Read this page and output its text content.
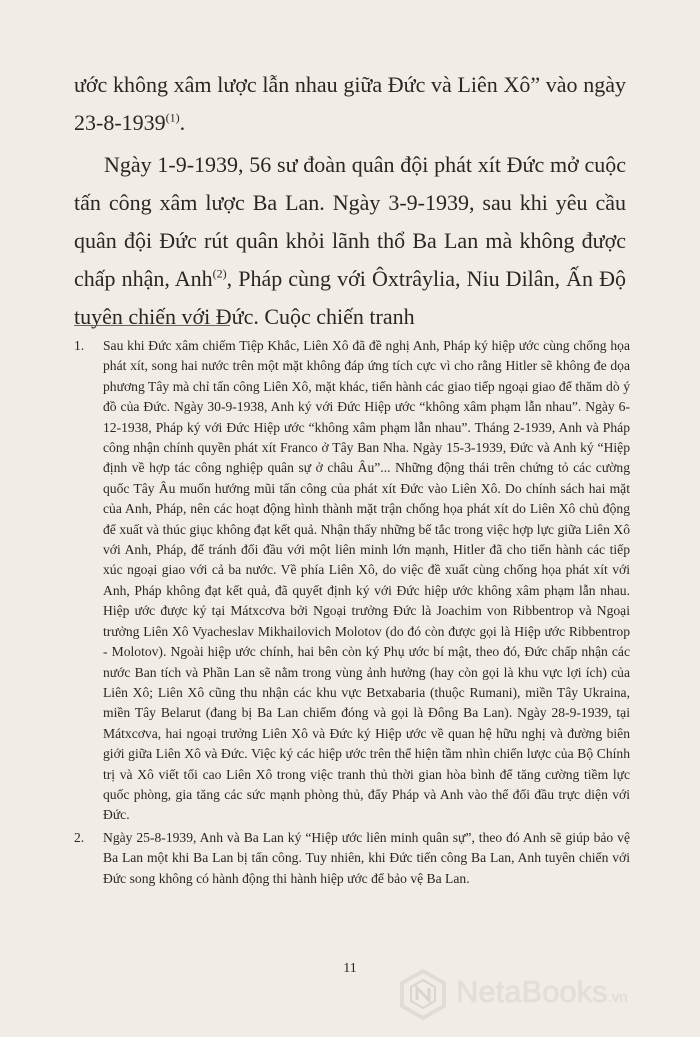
ước không xâm lược lẫn nhau giữa Đức và Liên Xô” vào ngày 23-8-1939$^{(1)}$.

Ngày 1-9-1939, 56 sư đoàn quân đội phát xít Đức mở cuộc tấn công xâm lược Ba Lan. Ngày 3-9-1939, sau khi yêu cầu quân đội Đức rút quân khỏi lãnh thổ Ba Lan mà không được chấp nhận, Anh$^{(2)}$, Pháp cùng với Ôxtrâylia, Niu Dilân, Ấn Độ tuyên chiến với Đức. Cuộc chiến tranh

1. Sau khi Đức xâm chiếm Tiệp Khắc, Liên Xô đã đề nghị Anh, Pháp ký hiệp ước cùng chống họa phát xít, song hai nước trên một mặt không đáp ứng tích cực vì cho rằng Hitler sẽ không đe dọa phương Tây mà chỉ tấn công Liên Xô, mặt khác, tiến hành các giao tiếp ngoại giao để thăm dò ý đồ của Đức. Ngày 30-9-1938, Anh ký với Đức Hiệp ước “không xâm phạm lẫn nhau”. Ngày 6-12-1938, Pháp ký với Đức Hiệp ước “không xâm phạm lẫn nhau”. Tháng 2-1939, Anh và Pháp công nhận chính quyền phát xít Franco ở Tây Ban Nha. Ngày 15-3-1939, Đức và Anh ký “Hiệp định về hợp tác công nghiệp quân sự ở châu Âu”... Những động thái trên chứng tỏ các cường quốc Tây Âu muốn hướng mũi tấn công của phát xít Đức vào Liên Xô. Do chính sách hai mặt của Anh, Pháp, nên các hoạt động hình thành mặt trận chống họa phát xít do Liên Xô chủ động để xuất và thúc giục không đạt kết quả. Nhận thấy những bế tắc trong việc hợp lực giữa Liên Xô với Anh, Pháp, để tránh đối đầu với một liên minh lớn mạnh, Hitler đã cho tiến hành các tiếp xúc ngoại giao với cả ba nước. Về phía Liên Xô, do việc đề xuất cùng chống họa phát xít với Anh, Pháp không đạt kết quả, đã quyết định ký với Đức hiệp ước không xâm phạm lẫn nhau. Hiệp ước được ký tại Mátxcơva bởi Ngoại trưởng Đức là Joachim von Ribbentrop và Ngoại trưởng Liên Xô Vyacheslav Mikhailovich Molotov (do đó còn được gọi là Hiệp ước Ribbentrop - Molotov). Ngoài hiệp ước chính, hai bên còn ký Phụ ước bí mật, theo đó, Đức chấp nhận các nước Ban tích và Phần Lan sẽ nằm trong vùng ảnh hưởng (hay còn gọi là khu vực lợi ích) của Liên Xô; Liên Xô cũng thu nhận các khu vực Betxabaria (thuộc Rumani), miền Tây Ukraina, miền Tây Belarut (đang bị Ba Lan chiếm đóng và gọi là Đông Ba Lan). Ngày 28-9-1939, tại Mátxcơva, hai ngoại trưởng Liên Xô và Đức ký Hiệp ước về quan hệ hữu nghị và đường biên giới giữa Liên Xô và Đức. Việc ký các hiệp ước trên thể hiện tầm nhìn chiến lược của Bộ Chính trị và Xô viết tối cao Liên Xô trong việc tranh thủ thời gian hòa bình để tăng cường tiềm lực quốc phòng, gia tăng các sức mạnh phòng thủ, đẩy Pháp và Anh vào thế đối đầu trực diện với Đức.
2. Ngày 25-8-1939, Anh và Ba Lan ký “Hiệp ước liên minh quân sự”, theo đó Anh sẽ giúp bảo vệ Ba Lan một khi Ba Lan bị tấn công. Tuy nhiên, khi Đức tiến công Ba Lan, Anh tuyên chiến với Đức song không có hành động thi hành hiệp ước để bảo vệ Ba Lan.
11
NetaBooks.vn
